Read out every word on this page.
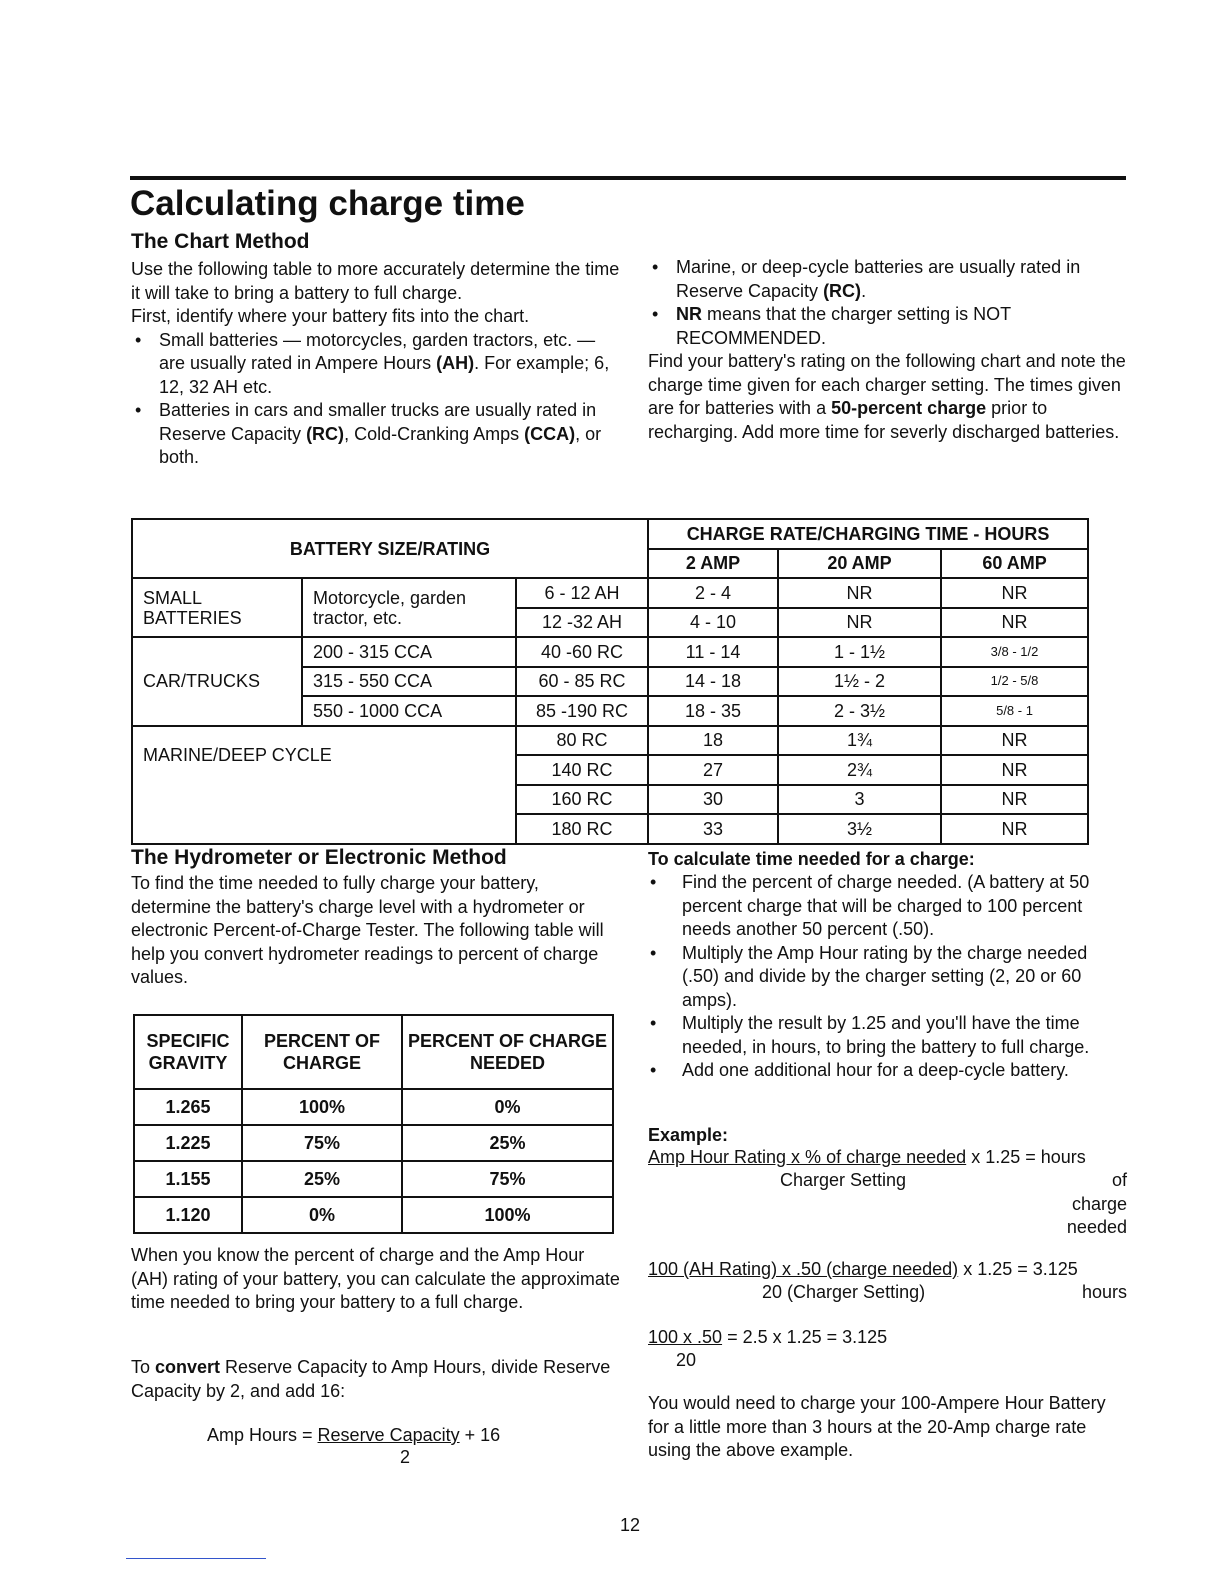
Calculating charge time
The Chart Method

Use the following table to more accurately determine the time it will take to bring a battery to full charge.

First, identify where your battery fits into the chart.

• Small batteries — motorcycles, garden tractors, etc. — are usually rated in Ampere Hours (AH). For example; 6, 12, 32 AH etc.
• Batteries in cars and smaller trucks are usually rated in Reserve Capacity (RC), Cold-Cranking Amps (CCA), or both.
• Marine, or deep-cycle batteries are usually rated in Reserve Capacity (RC).
• NR means that the charger setting is NOT RECOMMENDED.

Find your battery's rating on the following chart and note the charge time given for each charger setting. The times given are for batteries with a 50-percent charge prior to recharging. Add more time for severly discharged batteries.

BATTERY SIZE/RATING			CHARGE RATE/CHARGING TIME - HOURS		
			2 AMP	20 AMP	60 AMP
SMALL BATTERIES	Motorcycle, garden tractor, etc.	6 - 12 AH	2 - 4	NR	NR
		12 -32 AH	4 - 10	NR	NR
CAR/TRUCKS	200 - 315 CCA	40 -60 RC	11 - 14	1 - 1½	3/8 - 1/2
	315 - 550 CCA	60 - 85 RC	14 - 18	1½ - 2	1/2 - 5/8
	550 - 1000 CCA	85 -190 RC	18 - 35	2 - 3½	5/8 - 1
MARINE/DEEP CYCLE		80 RC	18	1¾	NR
		140 RC	27	2¾	NR
		160 RC	30	3	NR
		180 RC	33	3½	NR
The Hydrometer or Electronic Method
To find the time needed to fully charge your battery, determine the battery's charge level with a hydrometer or electronic Percent-of-Charge Tester. The following table will help you convert hydrometer readings to percent of charge values.
SPECIFIC GRAVITY	PERCENT OF CHARGE	PERCENT OF CHARGE NEEDED
1.265	100%	0%
1.225	75%	25%
1.155	25%	75%
1.120	0%	100%
When you know the percent of charge and the Amp Hour (AH) rating of your battery, you can calculate the approximate time needed to bring your battery to a full charge.
To convert Reserve Capacity to Amp Hours, divide Reserve Capacity by 2, and add 16:
Amp Hours = Reserve Capacity + 16
2
To calculate time needed for a charge:
• Find the percent of charge needed. (A battery at 50 percent charge that will be charged to 100 percent needs another 50 percent (.50).
• Multiply the Amp Hour rating by the charge needed (.50) and divide by the charger setting (2, 20 or 60 amps).
• Multiply the result by 1.25 and you'll have the time needed, in hours, to bring the battery to full charge.
• Add one additional hour for a deep-cycle battery.
Example:
Amp Hour Rating x % of charge needed x 1.25 = hours
Charger Setting	of
charge
needed
100 (AH Rating) x .50 (charge needed) x 1.25 = 3.125
20 (Charger Setting)	hours
100 x .50 = 2.5 x 1.25 = 3.125
20
You would need to charge your 100-Ampere Hour Battery for a little more than 3 hours at the 20-Amp charge rate using the above example.
12
